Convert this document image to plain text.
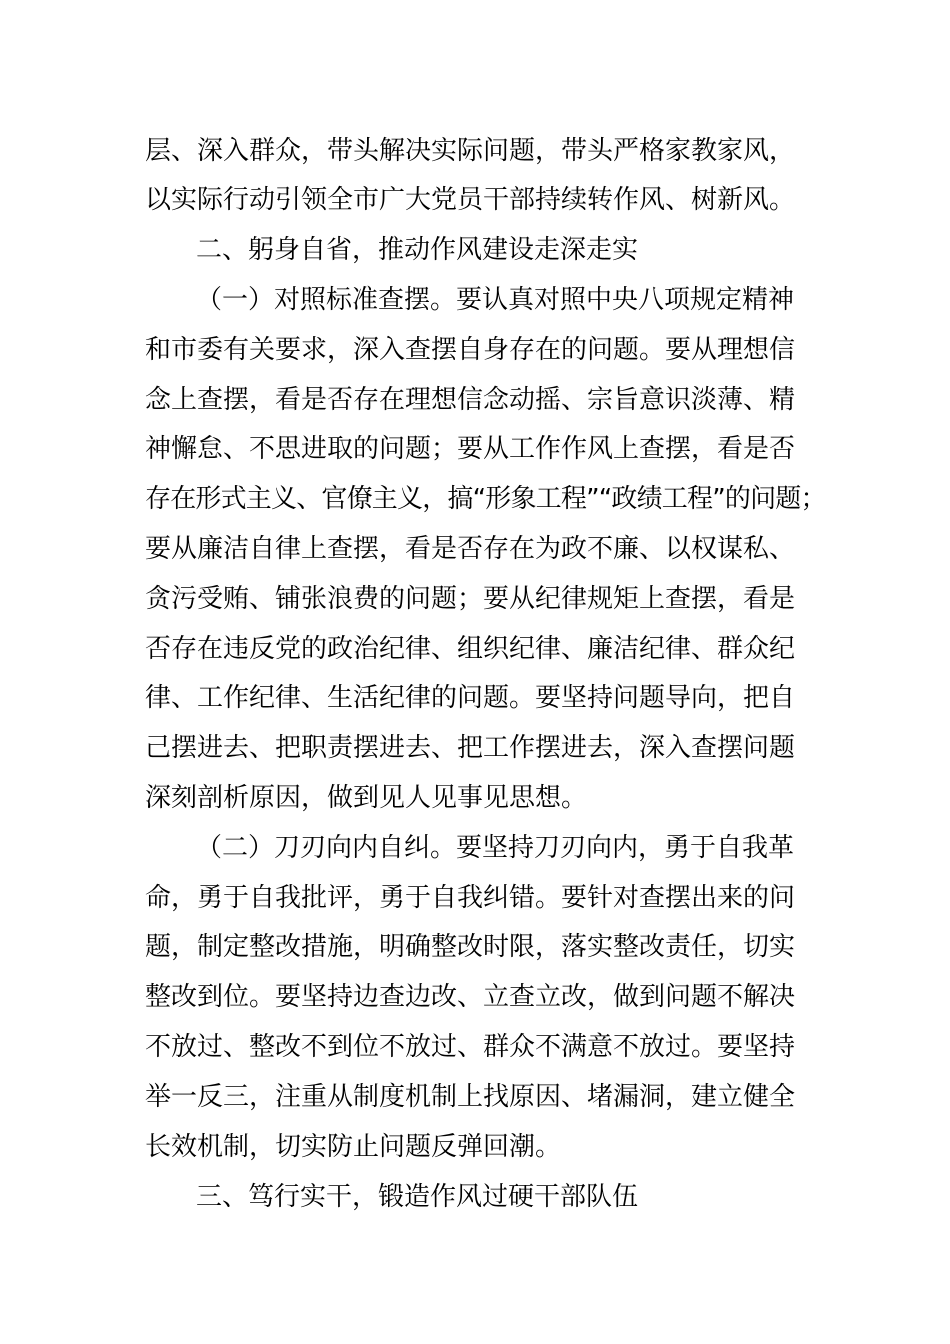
层、深入群众，带头解决实际问题，带头严格家教家风，
以实际行动引领全市广大党员干部持续转作风、树新风。
二、躬身自省，推动作风建设走深走实
（一）对照标准查摆。要认真对照中央八项规定精神
和市委有关要求，深入查摆自身存在的问题。要从理想信
念上查摆，看是否存在理想信念动摇、宗旨意识淡薄、精
神懈怠、不思进取的问题；要从工作作风上查摆，看是否
存在形式主义、官僚主义，搞“形象工程”“政绩工程”的问题；
要从廉洁自律上查摆，看是否存在为政不廉、以权谋私、
贪污受贿、铺张浪费的问题；要从纪律规矩上查摆，看是
否存在违反党的政治纪律、组织纪律、廉洁纪律、群众纪
律、工作纪律、生活纪律的问题。要坚持问题导向，把自
己摆进去、把职责摆进去、把工作摆进去，深入查摆问题
深刻剖析原因，做到见人见事见思想。
（二）刀刃向内自纠。要坚持刀刃向内，勇于自我革
命，勇于自我批评，勇于自我纠错。要针对查摆出来的问
题，制定整改措施，明确整改时限，落实整改责任，切实
整改到位。要坚持边查边改、立查立改，做到问题不解决
不放过、整改不到位不放过、群众不满意不放过。要坚持
举一反三，注重从制度机制上找原因、堵漏洞，建立健全
长效机制，切实防止问题反弹回潮。
三、笃行实干，锻造作风过硬干部队伍
